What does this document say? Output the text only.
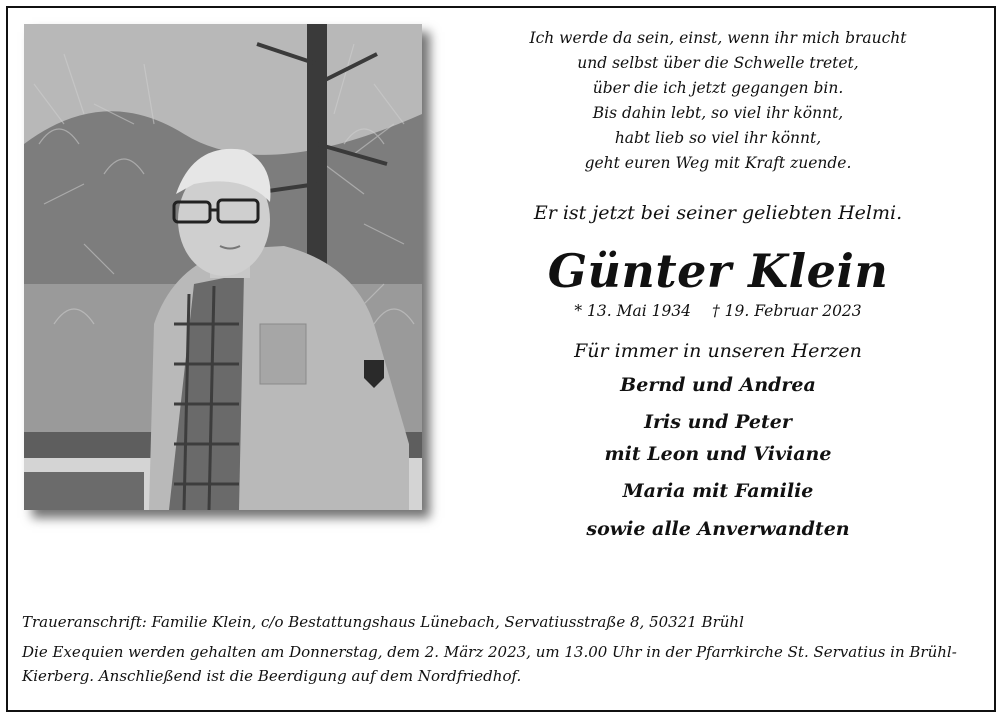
Ich werde da sein, einst, wenn ihr mich braucht
und selbst über die Schwelle tretet,
über die ich jetzt gegangen bin.
Bis dahin lebt, so viel ihr könnt,
habt lieb so viel ihr könnt,
geht euren Weg mit Kraft zuende.
Er ist jetzt bei seiner geliebten Helmi.
Günter Klein
* 13. Mai 1934 † 19. Februar 2023
Für immer in unseren Herzen
Bernd und Andrea
Iris und Peter
mit Leon und Viviane
Maria mit Familie
sowie alle Anverwandten
Traueranschrift: Familie Klein, c/o Bestattungshaus Lünebach, Servatiusstraße 8, 50321 Brühl
Die Exequien werden gehalten am Donnerstag, dem 2. März 2023, um 13.00 Uhr in der Pfarrkirche St. Servatius in Brühl-Kierberg. Anschließend ist die Beerdigung auf dem Nordfriedhof.
